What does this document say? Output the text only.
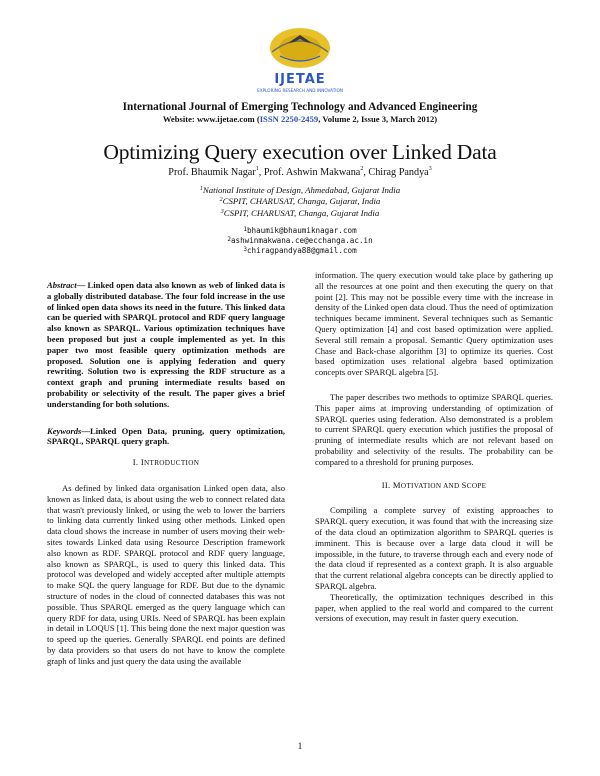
IJETAE
EXPLORING RESEARCH AND INNOVATION
International Journal of Emerging Technology and Advanced Engineering
Website: www.ijetae.com (ISSN 2250-2459, Volume 2, Issue 3, March 2012)
Optimizing Query execution over Linked Data
Prof. Bhaumik Nagar$^1$, Prof. Ashwin Makwana$^2$, Chirag Pandya$^3$
$^1$National Institute of Design, Ahmedabad, Gujarat India
$^2$CSPIT, CHARUSAT, Changa, Gujarat, India
$^3$CSPIT, CHARUSAT, Changa, Gujarat India
$^1$bhaumik@bhaumiknagar.com
$^2$ashwinmakwana.ce@ecchanga.ac.in
$^3$chiragpandya88@gmail.com

Abstract— Linked open data also known as web of linked data is a globally distributed database. The four fold increase in the use of linked open data shows its need in the future. This linked data can be queried with SPARQL protocol and RDF query language also known as SPARQL. Various optimization techniques have been proposed but just a couple implemented as yet. In this paper two most feasible query optimization methods are proposed. Solution one is applying federation and query rewriting. Solution two is expressing the RDF structure as a context graph and pruning intermediate results based on probability or selectivity of the result. The paper gives a brief understanding for both solutions.

Keywords—Linked Open Data, pruning, query optimization, SPARQL, SPARQL query graph.

I. INTRODUCTION

As defined by linked data organisation Linked open data, also known as linked data, is about using the web to connect related data that wasn't previously linked, or using the web to lower the barriers to linking data currently linked using other methods. Linked open data cloud shows the increase in number of users moving their web-sites towards Linked data using Resource Description framework also known as RDF. SPARQL protocol and RDF query language, also known as SPARQL, is used to query this linked data. This protocol was developed and widely accepted after multiple attempts to make SQL the query language for RDF. But due to the dynamic structure of nodes in the cloud of connected databases this was not possible. Thus SPARQL emerged as the query language which can query RDF for data, using URIs. Need of SPARQL has been explain in detail in LOQUS [1]. This being done the next major question was to speed up the queries. Generally SPARQL end points are defined by data providers so that users do not have to know the complete graph of links and just query the data using the available

information. The query execution would take place by gathering up all the resources at one point and then executing the query on that point [2]. This may not be possible every time with the increase in density of the Linked open data cloud. Thus the need of optimization techniques became imminent. Several techniques such as Semantic Query optimization [4] and cost based optimization were applied. Several still remain a proposal. Semantic Query optimization uses Chase and Back-chase algorithm [3] to optimize its queries. Cost based optimization uses relational algebra based optimization concepts over SPARQL algebra [5].

The paper describes two methods to optimize SPARQL queries. This paper aims at improving understanding of optimization of SPARQL queries using federation. Also demonstrated is a problem to current SPARQL query execution which justifies the proposal of pruning of intermediate results which are not relevant based on probability and selectivity of the results. The probability can be compared to a threshold for pruning purposes.

II. MOTIVATION AND SCOPE

Compiling a complete survey of existing approaches to SPARQL query execution, it was found that with the increasing size of the data cloud an optimization algorithm to SPARQL queries is imminent. This is because over a large data cloud it will be impossible, in the future, to traverse through each and every node of the data cloud if represented as a context graph. It is also arguable that the current relational algebra concepts can be directly applied to SPARQL algebra.

Theoretically, the optimization techniques described in this paper, when applied to the real world and compared to the current versions of execution, may result in faster query execution.

1
